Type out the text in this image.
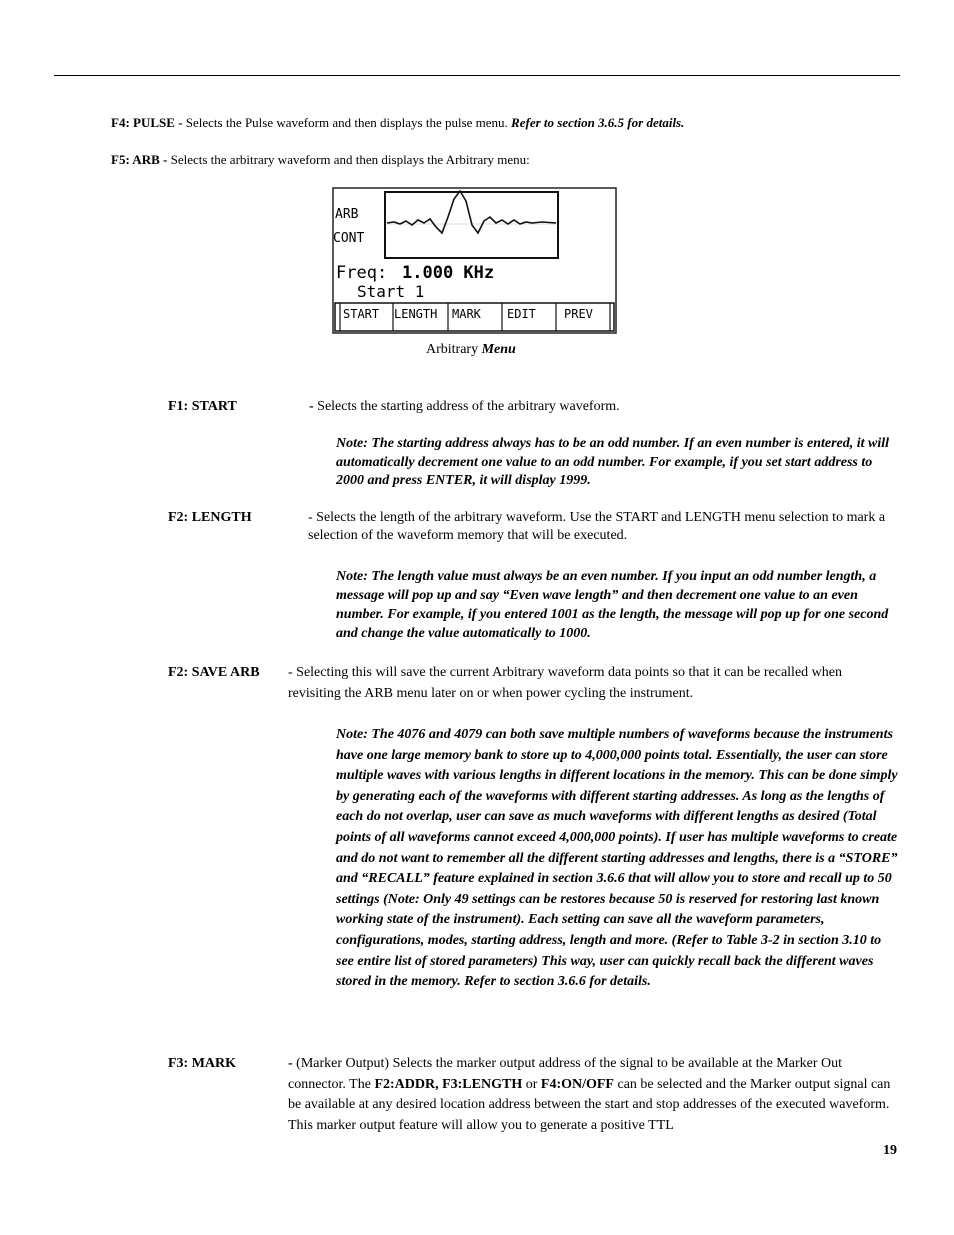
F4: PULSE - Selects the Pulse waveform and then displays the pulse menu. Refer to section 3.6.5 for details.
F5: ARB - Selects the arbitrary waveform and then displays the Arbitrary menu:
ARB
CONT
Freq: 1.000 KHz
Start 1
START LENGTH MARK EDIT PREV
Arbitrary Menu
F1: START	- Selects the starting address of the arbitrary waveform.
Note: The starting address always has to be an odd number. If an even number is entered, it will automatically decrement one value to an odd number. For example, if you set start address to 2000 and press ENTER, it will display 1999.
F2: LENGTH	- Selects the length of the arbitrary waveform. Use the START and LENGTH menu selection to mark a selection of the waveform memory that will be executed.
Note: The length value must always be an even number. If you input an odd number length, a message will pop up and say “Even wave length” and then decrement one value to an even number. For example, if you entered 1001 as the length, the message will pop up for one second and change the value automatically to 1000.
F2: SAVE ARB - Selecting this will save the current Arbitrary waveform data points so that it can be recalled when revisiting the ARB menu later on or when power cycling the instrument.
Note: The 4076 and 4079 can both save multiple numbers of waveforms because the instruments have one large memory bank to store up to 4,000,000 points total. Essentially, the user can store multiple waves with various lengths in different locations in the memory. This can be done simply by generating each of the waveforms with different starting addresses. As long as the lengths of each do not overlap, user can save as much waveforms with different lengths as desired (Total points of all waveforms cannot exceed 4,000,000 points). If user has multiple waveforms to create and do not want to remember all the different starting addresses and lengths, there is a “STORE” and “RECALL” feature explained in section 3.6.6 that will allow you to store and recall up to 50 settings (Note: Only 49 settings can be restores because 50 is reserved for restoring last known working state of the instrument). Each setting can save all the waveform parameters, configurations, modes, starting address, length and more. (Refer to Table 3-2 in section 3.10 to see entire list of stored parameters) This way, user can quickly recall back the different waves stored in the memory. Refer to section 3.6.6 for details.
F3: MARK	- (Marker Output) Selects the marker output address of the signal to be available at the Marker Out connector. The F2:ADDR, F3:LENGTH or F4:ON/OFF can be selected and the Marker output signal can be available at any desired location address between the start and stop addresses of the executed waveform. This marker output feature will allow you to generate a positive TTL
19
